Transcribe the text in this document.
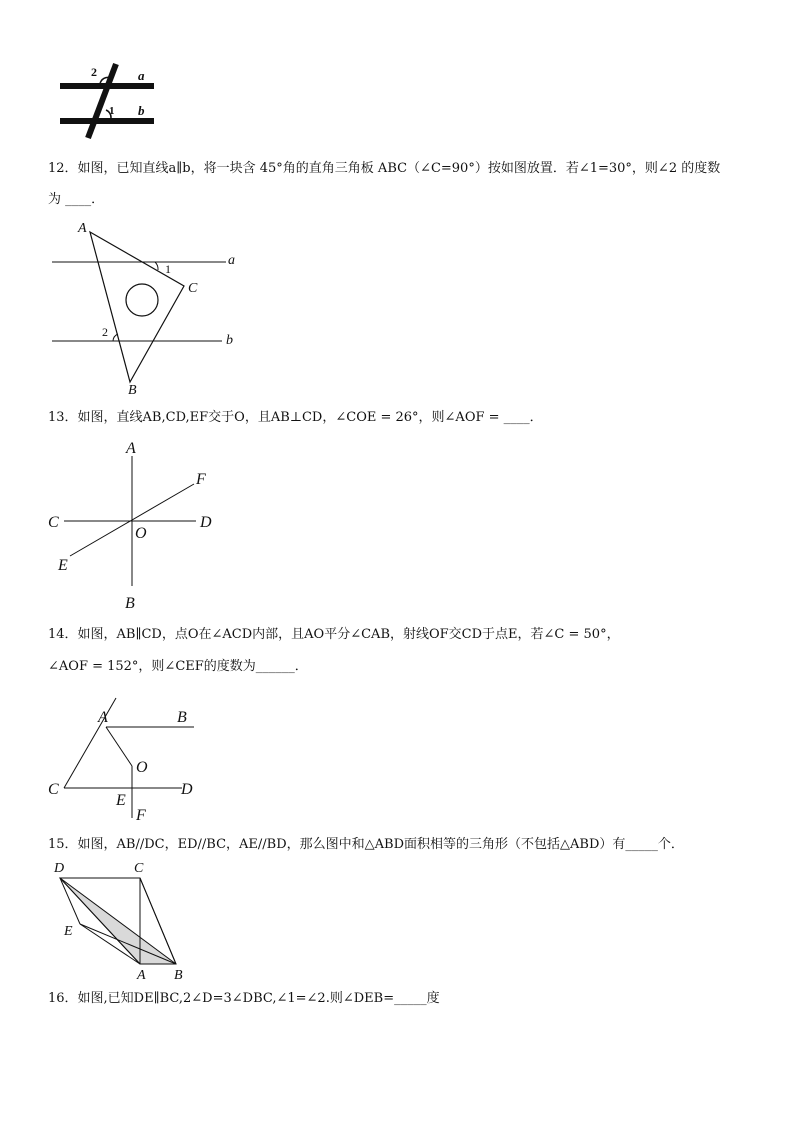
2
1
a
b
12．如图，已知直线a∥b，将一块含 45°角的直角三角板 ABC（∠C=90°）按如图放置．若∠1=30°，则∠2 的度数
为 ____．
A
B
C
a
b
1
2
13．如图，直线AB,CD,EF交于O，且AB⊥CD，∠COE = 26°，则∠AOF = ____．
A
B
C	D
E
F
O
14．如图，AB∥CD，点O在∠ACD内部，且AO平分∠CAB，射线OF交CD于点E，若∠C = 50°，
∠AOF = 152°，则∠CEF的度数为______．
A	B
C	D
E
F
O
15．如图，AB//DC，ED//BC，AE//BD，那么图中和△ABD面积相等的三角形（不包括△ABD）有_____个．
D	C
E
A B
16．如图,已知DE∥BC,2∠D=3∠DBC,∠1=∠2.则∠DEB=_____度
